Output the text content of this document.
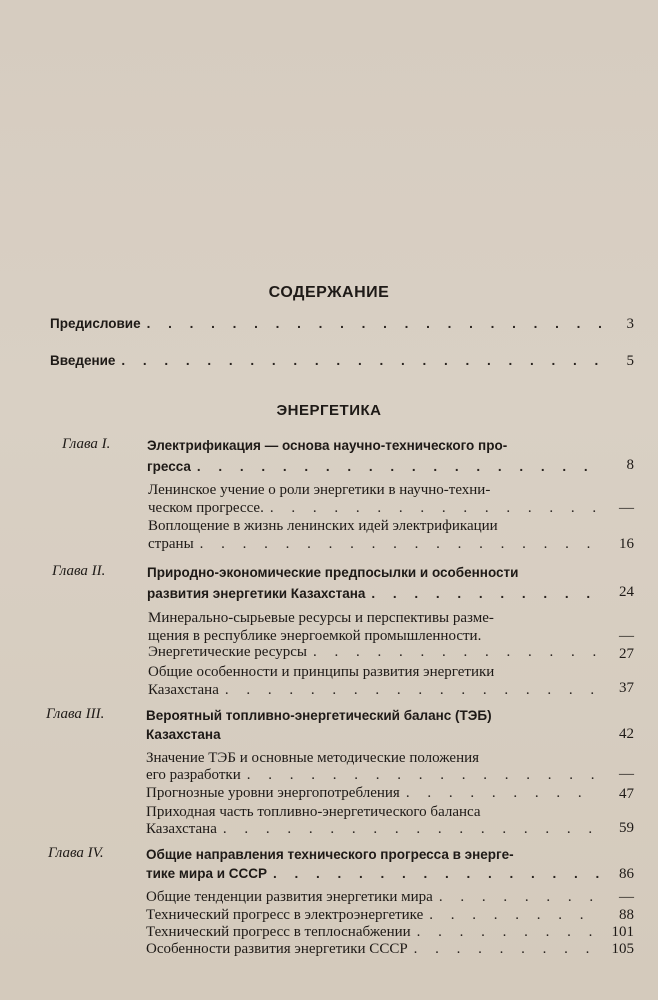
СОДЕРЖАНИЕ
Предисловие . . .	3
Введение . . .	5
ЭНЕРГЕТИКА
Глава I.	Электрификация — основа научно-технического про-
гресса . . .	8
Ленинское учение о роли энергетики в научно-техни-
ческом прогрессе. . . .	—
Воплощение в жизнь ленинских идей электрификации
страны . . .	16
Глава II.	Природно-экономические предпосылки и особенности
развития энергетики Казахстана . . .	24
Минерально-сырьевые ресурсы и перспективы разме-
щения в республике энергоемкой промышленности.	—
Энергетические ресурсы . . .	27
Общие особенности и принципы развития энергетики
Казахстана . . .	37
Глава III.	Вероятный топливно-энергетический баланс (ТЭБ)
Казахстана	42
Значение ТЭБ и основные методические положения
его разработки . . .	—
Прогнозные уровни энергопотребления . . .	47
Приходная часть топливно-энергетического баланса
Казахстана . . .	59
Глава IV.	Общие направления технического прогресса в энерге-
тике мира и СССР . . .	86
Общие тенденции развития энергетики мира . . .	—
Технический прогресс в электроэнергетике . . .	88
Технический прогресс в теплоснабжении . . .	101
Особенности развития энергетики СССР . . .	105
